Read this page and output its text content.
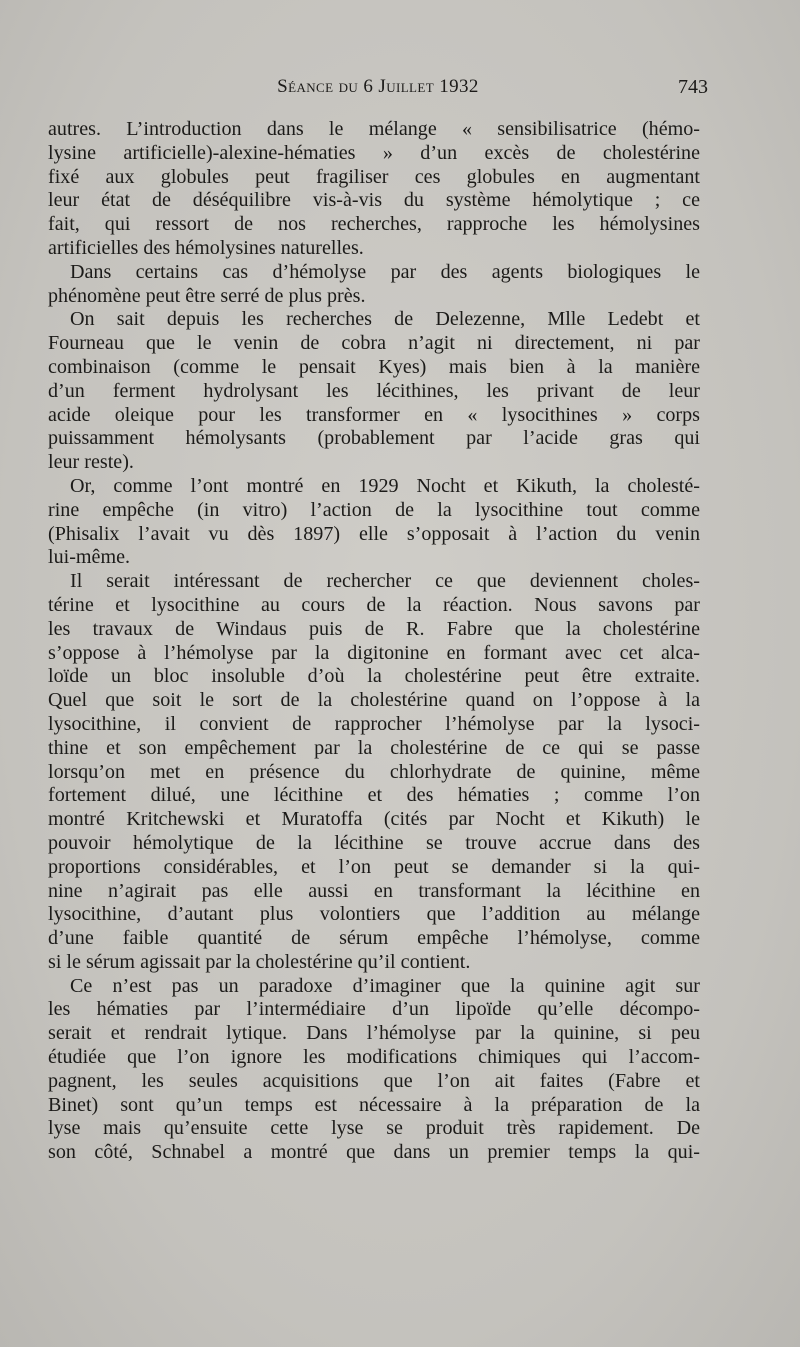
Séance du 6 Juillet 1932	743
autres. L’introduction dans le mélange « sensibilisatrice (hémo-
lysine artificielle)-alexine-hématies » d’un excès de cholestérine
fixé aux globules peut fragiliser ces globules en augmentant
leur état de déséquilibre vis-à-vis du système hémolytique ; ce
fait, qui ressort de nos recherches, rapproche les hémolysines
artificielles des hémolysines naturelles.
Dans certains cas d’hémolyse par des agents biologiques le
phénomène peut être serré de plus près.
On sait depuis les recherches de Delezenne, Mlle Ledebt et
Fourneau que le venin de cobra n’agit ni directement, ni par
combinaison (comme le pensait Kyes) mais bien à la manière
d’un ferment hydrolysant les lécithines, les privant de leur
acide oleique pour les transformer en « lysocithines » corps
puissamment hémolysants (probablement par l’acide gras qui
leur reste).
Or, comme l’ont montré en 1929 Nocht et Kikuth, la cholesté-
rine empêche (in vitro) l’action de la lysocithine tout comme
(Phisalix l’avait vu dès 1897) elle s’opposait à l’action du venin
lui-même.
Il serait intéressant de rechercher ce que deviennent choles-
térine et lysocithine au cours de la réaction. Nous savons par
les travaux de Windaus puis de R. Fabre que la cholestérine
s’oppose à l’hémolyse par la digitonine en formant avec cet alca-
loïde un bloc insoluble d’où la cholestérine peut être extraite.
Quel que soit le sort de la cholestérine quand on l’oppose à la
lysocithine, il convient de rapprocher l’hémolyse par la lysoci-
thine et son empêchement par la cholestérine de ce qui se passe
lorsqu’on met en présence du chlorhydrate de quinine, même
fortement dilué, une lécithine et des hématies ; comme l’on
montré Kritchewski et Muratoffa (cités par Nocht et Kikuth) le
pouvoir hémolytique de la lécithine se trouve accrue dans des
proportions considérables, et l’on peut se demander si la qui-
nine n’agirait pas elle aussi en transformant la lécithine en
lysocithine, d’autant plus volontiers que l’addition au mélange
d’une faible quantité de sérum empêche l’hémolyse, comme
si le sérum agissait par la cholestérine qu’il contient.
Ce n’est pas un paradoxe d’imaginer que la quinine agit sur
les hématies par l’intermédiaire d’un lipoïde qu’elle décompo-
serait et rendrait lytique. Dans l’hémolyse par la quinine, si peu
étudiée que l’on ignore les modifications chimiques qui l’accom-
pagnent, les seules acquisitions que l’on ait faites (Fabre et
Binet) sont qu’un temps est nécessaire à la préparation de la
lyse mais qu’ensuite cette lyse se produit très rapidement. De
son côté, Schnabel a montré que dans un premier temps la qui-
